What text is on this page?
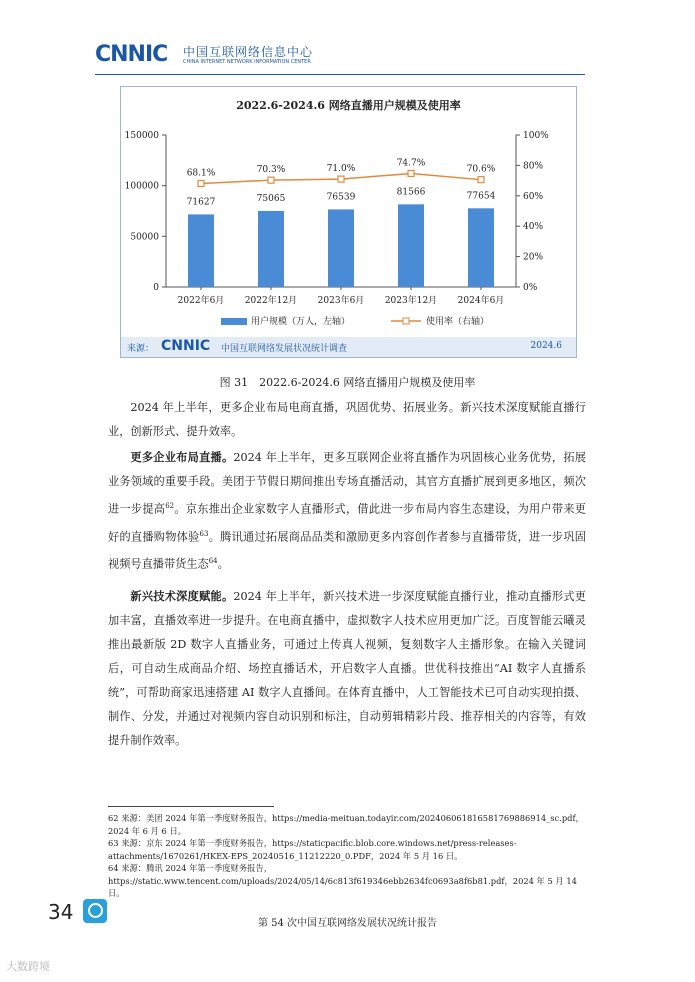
CNNIC 中国互联网络信息中心
CHINA INTERNET NETWORK INFORMATION CENTER
2022.6-2024.6 网络直播用户规模及使用率
0
50000
100000
150000
0%
20%
40%
60%
80%
100%
71627
2022年6月
75065
2022年12月
76539
2023年6月
81566
2023年12月
77654
2024年6月
68.1%	70.3%	71.0%
74.7%
70.6%
用户规模（万人，左轴）	使用率（右轴）
来源： CNNIC 中国互联网络发展状况统计调查	2024.6
图 31　2022.6-2024.6 网络直播用户规模及使用率

2024 年上半年，更多企业布局电商直播，巩固优势、拓展业务。新兴技术深度赋能直播行业，创新形式、提升效率。

更多企业布局直播。2024 年上半年，更多互联网企业将直播作为巩固核心业务优势，拓展业务领域的重要手段。美团于节假日期间推出专场直播活动，其官方直播扩展到更多地区，频次进一步提高$^{62}$。京东推出企业家数字人直播形式，借此进一步布局内容生态建设，为用户带来更好的直播购物体验$^{63}$。腾讯通过拓展商品品类和激励更多内容创作者参与直播带货，进一步巩固视频号直播带货生态$^{64}$。

新兴技术深度赋能。2024 年上半年，新兴技术进一步深度赋能直播行业，推动直播形式更加丰富，直播效率进一步提升。在电商直播中，虚拟数字人技术应用更加广泛。百度智能云曦灵推出最新版 2D 数字人直播业务，可通过上传真人视频，复刻数字人主播形象。在输入关键词后，可自动生成商品介绍、场控直播话术，开启数字人直播。世优科技推出“AI 数字人直播系统”，可帮助商家迅速搭建 AI 数字人直播间。在体育直播中，人工智能技术已可自动实现拍摄、制作、分发，并通过对视频内容自动识别和标注，自动剪辑精彩片段、推荐相关的内容等，有效提升制作效率。

62 来源：美团 2024 年第一季度财务报告，https://media-meituan.todayir.com/20240606181658176988​6914_sc.pdf，2024 年 6 月 6 日。
63 来源：京东 2024 年第一季度财务报告，https://staticpacific.blob.core.windows.net/press-releases-attachments/1670261/HKEX-EPS_20240516_11212220_0.PDF，2024 年 5 月 16 日。
64 来源：腾讯 2024 年第一季度财务报告，https://static.www.tencent.com/uploads/2024/05/14/6c813f619346ebb2634fc0693a8f6b81.pdf，2024 年 5 月 14 日。
34	第 54 次中国互联网络发展状况统计报告
大数跨境
